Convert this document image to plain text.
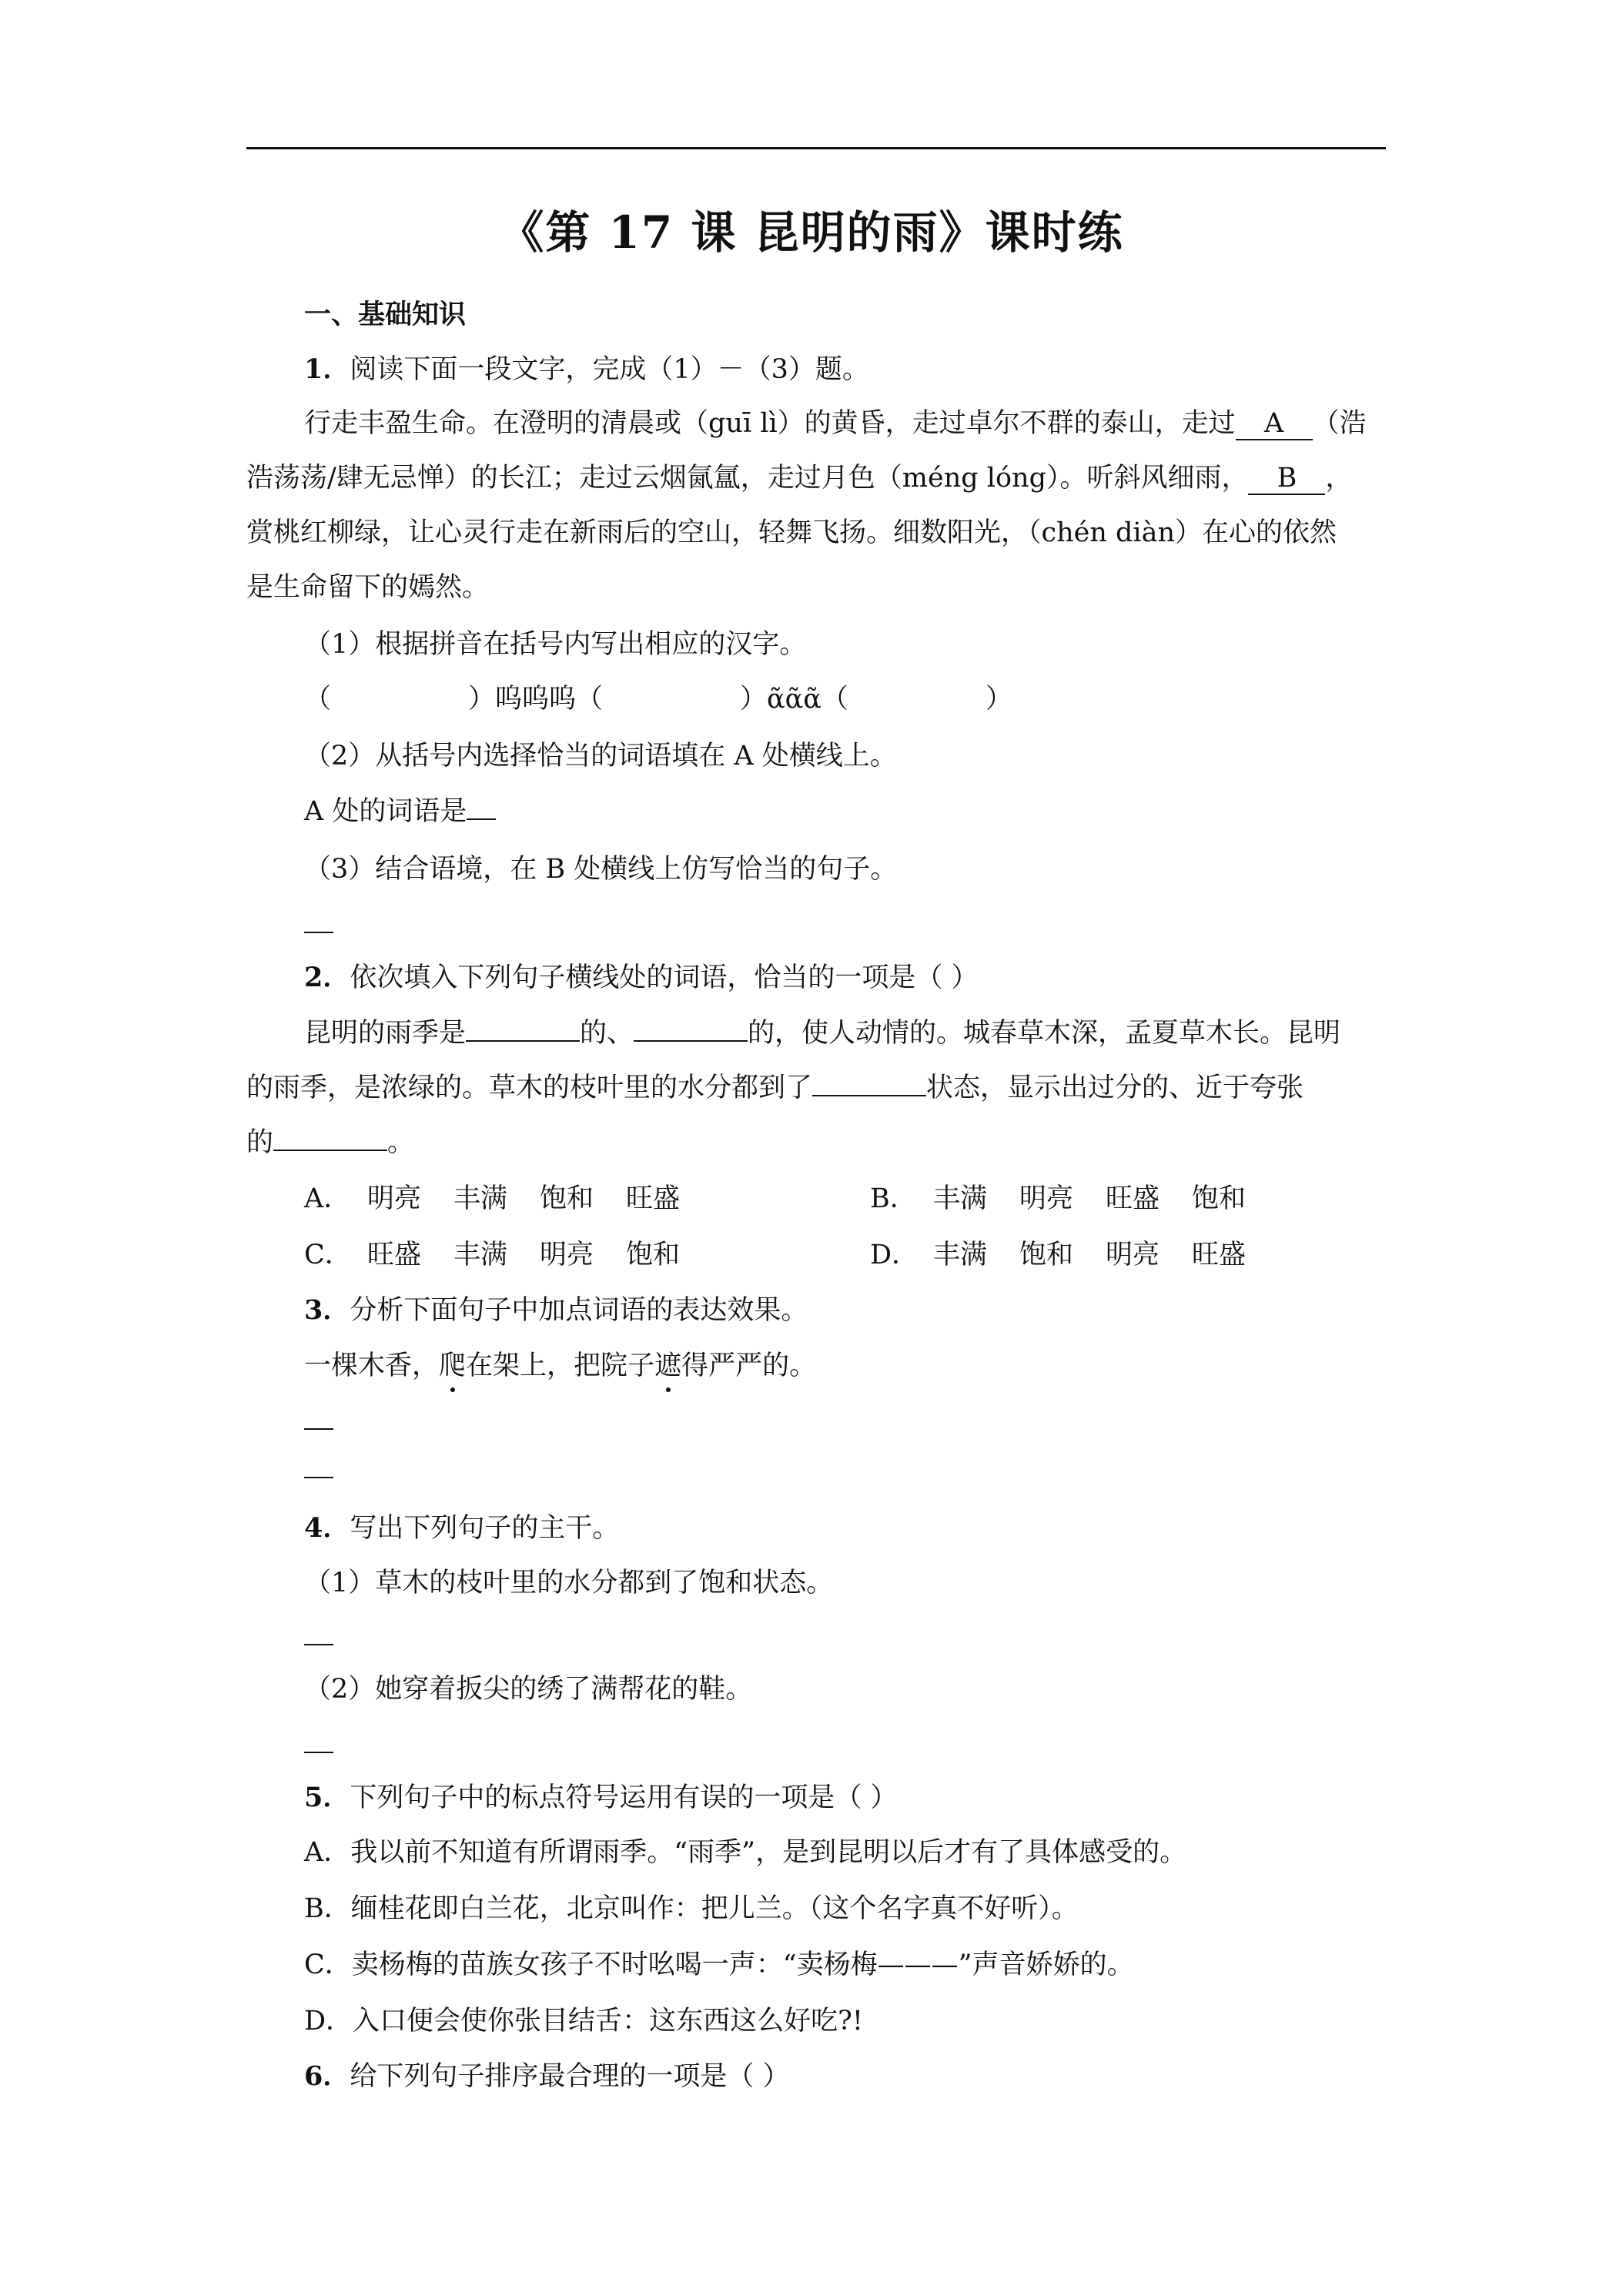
《第 17 课 昆明的雨》课时练
一、基础知识
1．阅读下面一段文字，完成（1）－（3）题。
行走丰盈生命。在澄明的清晨或（guī lì）的黄昏，走过卓尔不群的泰山，走过 A （浩
浩荡荡/肆无忌惮）的长江；走过云烟氤氲，走过月色（méng lóng）。听斜风细雨， B ，
赏桃红柳绿，让心灵行走在新雨后的空山，轻舞飞扬。细数阳光，（chén diàn）在心的依然
是生命留下的嫣然。
（1）根据拼音在括号内写出相应的汉字。
（	）呜呜呜（	）ᾶᾶᾶ（	）
（2）从括号内选择恰当的词语填在 A 处横线上。
A 处的词语是
（3）结合语境，在 B 处横线上仿写恰当的句子。
2．依次填入下列句子横线处的词语，恰当的一项是（ ）
昆明的雨季是	的、	的，使人动情的。城春草木深，孟夏草木长。昆明
的雨季，是浓绿的。草木的枝叶里的水分都到了	状态，显示出过分的、近于夸张
的	。
A． 明亮 丰满 饱和 旺盛	B． 丰满 明亮 旺盛 饱和
C． 旺盛 丰满 明亮 饱和	D． 丰满 饱和 明亮 旺盛
3．分析下面句子中加点词语的表达效果。
一棵木香，爬在架上，把院子遮得严严的。
4．写出下列句子的主干。
（1）草木的枝叶里的水分都到了饱和状态。
（2）她穿着扳尖的绣了满帮花的鞋。
5．下列句子中的标点符号运用有误的一项是（ ）
A．我以前不知道有所谓雨季。“雨季”，是到昆明以后才有了具体感受的。
B．缅桂花即白兰花，北京叫作：把儿兰。（这个名字真不好听）。
C．卖杨梅的苗族女孩子不时吆喝一声：“卖杨梅———”声音娇娇的。
D．入口便会使你张目结舌：这东西这么好吃?!
6．给下列句子排序最合理的一项是（ ）
